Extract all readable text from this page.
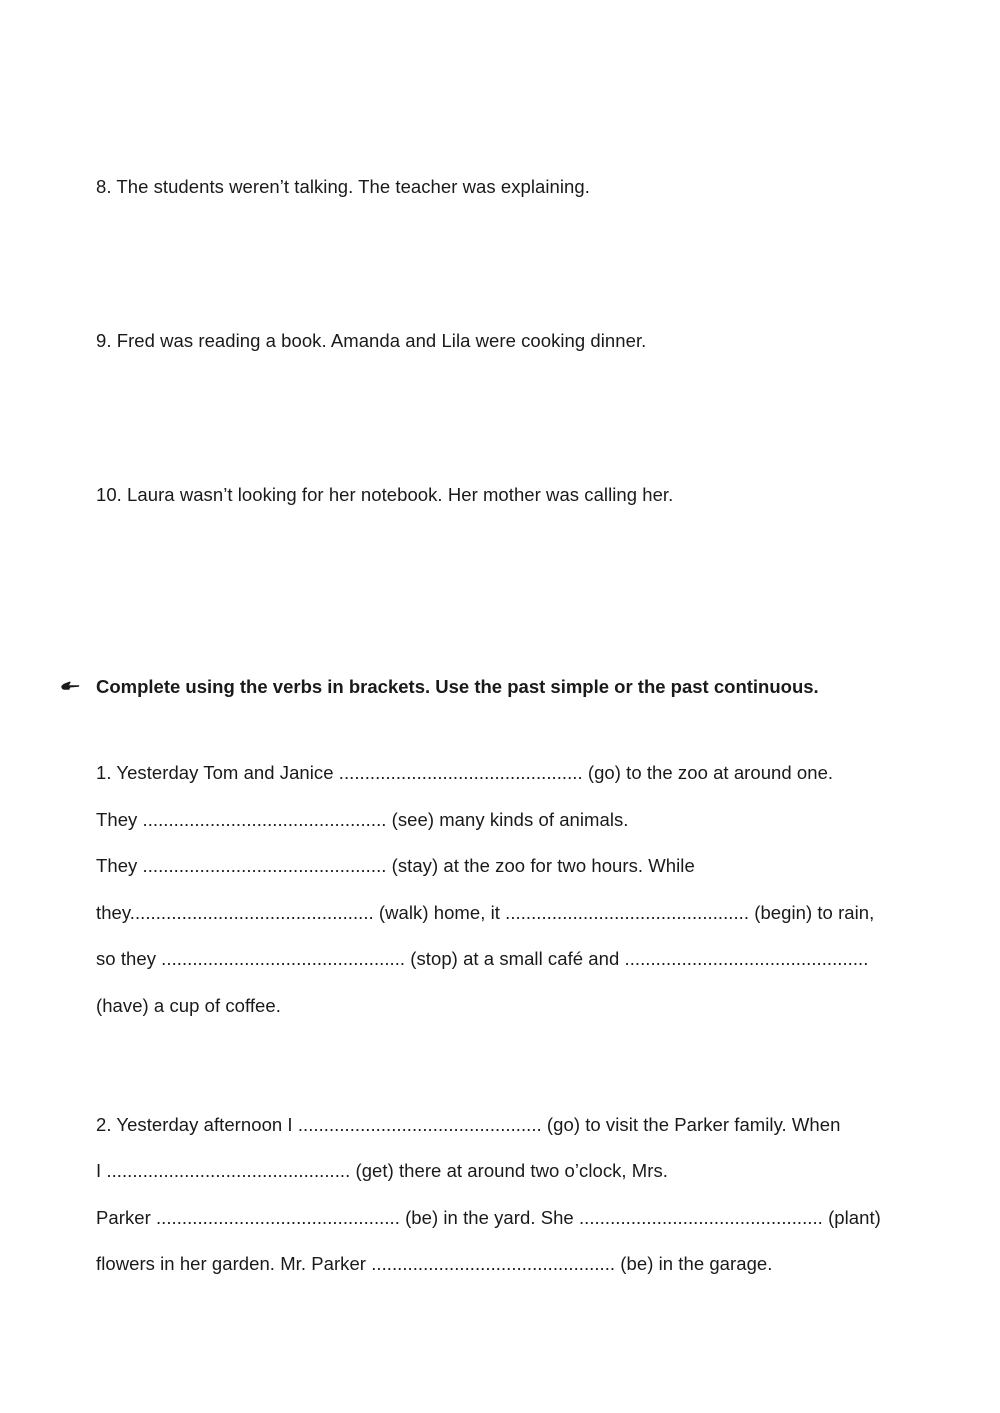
8. The students weren’t talking. The teacher was explaining.

9. Fred was reading a book. Amanda and Lila were cooking dinner.

10. Laura wasn’t looking for her notebook. Her mother was calling her.

Complete using the verbs in brackets. Use the past simple or the past continuous.

1. Yesterday Tom and Janice ............................................... (go) to the zoo at around one.

They ............................................... (see) many kinds of animals.

They ............................................... (stay) at the zoo for two hours. While

they............................................... (walk) home, it ............................................... (begin) to rain,

so they ............................................... (stop) at a small café and ...............................................

(have) a cup of coffee.

2. Yesterday afternoon I ............................................... (go) to visit the Parker family. When

I ............................................... (get) there at around two o’clock, Mrs.

Parker ............................................... (be) in the yard. She ............................................... (plant)

flowers in her garden. Mr. Parker ............................................... (be) in the garage.
